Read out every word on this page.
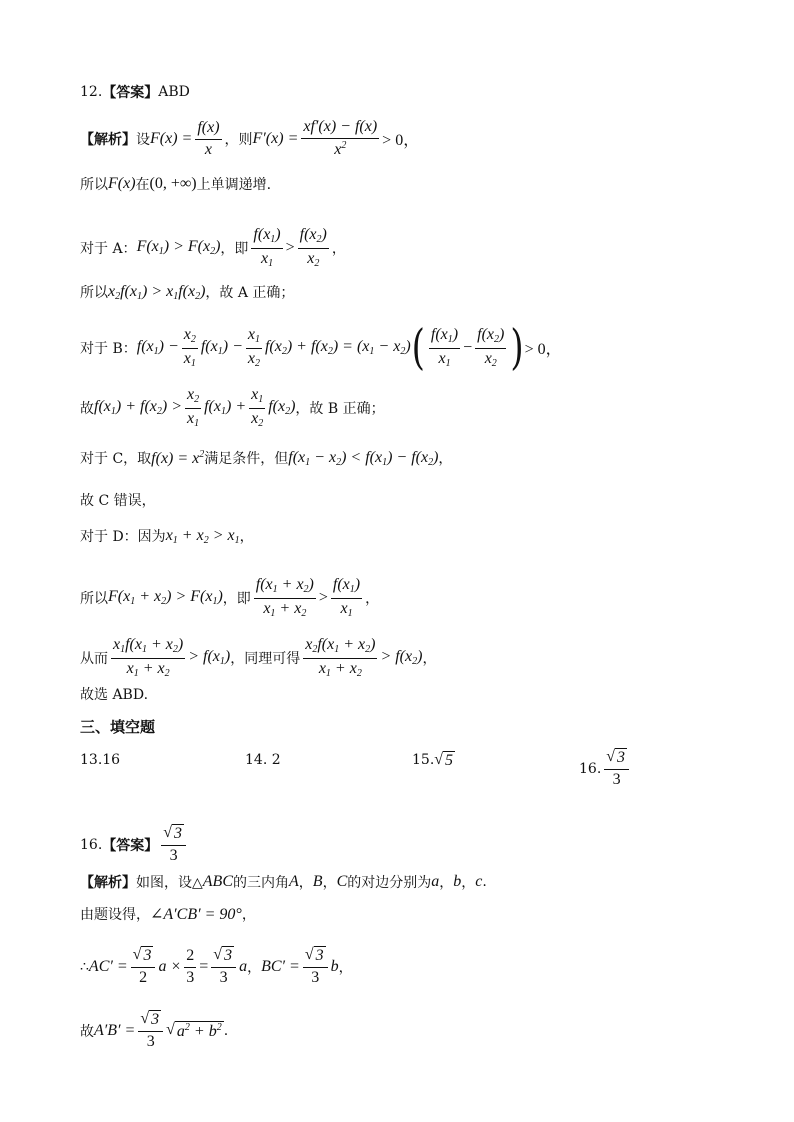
12. 【答案】 ABD
【解析】 设 $F(x) = \frac{f(x)}{x}$ ，则 $F'(x) = \frac{xf'(x) - f(x)}{x^2} > 0$，
所以 F(x) 在 (0, +∞) 上单调递增.
对于 A： $F(x_1) > F(x_2)$ ，即 $\frac{f(x_1)}{x_1} > \frac{f(x_2)}{x_2}$ ，
所以 $x_2f(x_1) > x_1f(x_2)$ ，故 A 正确；
对于 B： $f(x_1) - \frac{x_2}{x_1} f(x_1) - \frac{x_1}{x_2} f(x_2) + f(x_2) = (x_1 - x_2)$ ( $\frac{f(x_1)}{x_1} - \frac{f(x_2)}{x_2}$ ) > 0，
故 $f(x_1) + f(x_2) > \frac{x_2}{x_1} f(x_1) + \frac{x_1}{x_2} f(x_2)$ ，故 B 正确；
对于 C，取 $f(x) = x^2$ 满足条件，但 $f(x_1 - x_2) < f(x_1) - f(x_2)$ ，
故 C 错误，
对于 D：因为 $x_1 + x_2 > x_1$ ，
所以 $F(x_1 + x_2) > F(x_1)$ ，即 $\frac{f(x_1 + x_2)}{x_1 + x_2} > \frac{f(x_1)}{x_1}$ ，
从而 $\frac{x_1f(x_1 + x_2)}{x_1 + x_2} > f(x_1)$ ，同理可得 $\frac{x_2f(x_1 + x_2)}{x_1 + x_2} > f(x_2)$ ，
故选 ABD.
三、填空题
13.16	14. 2	15. √ 5
16. $\frac{√ 3}{3}$
16. 【答案】 $\frac{√ 3}{3}$
【解析】 如图，设△ ABC 的三内角 A ， B ， C 的对边分别为 a ， b ， c .
由题设得， ∠A′CB′ = 90° ，
∴ $AC' = \frac{√ 3}{2}$ $a \times \frac{2}{3} = \frac{√ 3}{3}$ a ， $BC' = \frac{√ 3}{3}$ b ，
故 $A'B' = \frac{√ 3}{3}$ √ $a^2 + b^2$ .
